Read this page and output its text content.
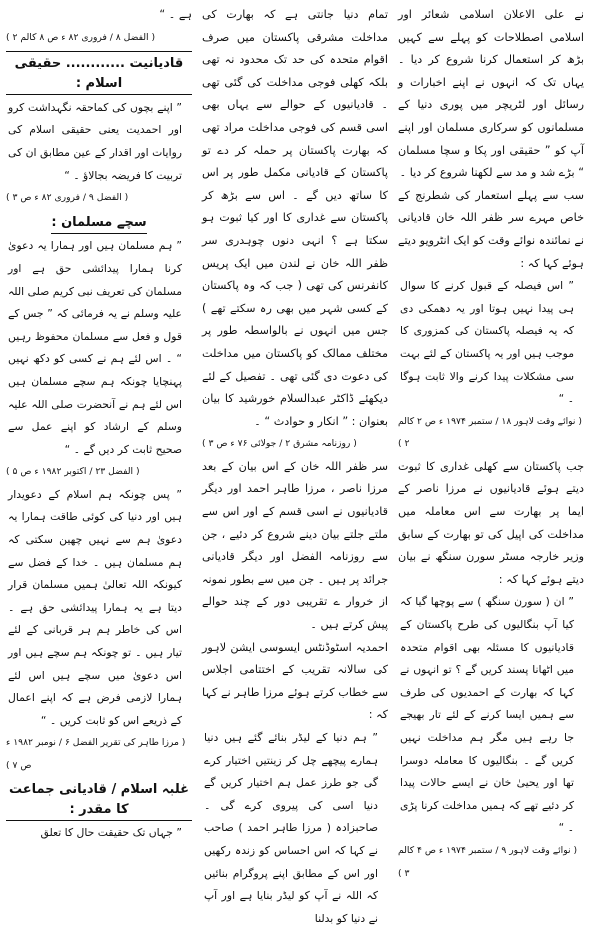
نے علی الاعلان اسلامی شعائر اور اسلامی اصطلاحات کو پہلے سے کہیں بڑھ کر استعمال کرنا شروع کر دیا ۔ یہاں تک کہ انہوں نے اپنے اخبارات و رسائل اور لٹریچر میں پوری دنیا کے مسلمانوں کو سرکاری مسلمان اور اپنے آپ کو ” حقیقی اور پکا و سچا مسلمان “ بڑے شد و مد سے لکھنا شروع کر دیا ۔

سب سے پہلے استعمار کی شطرنج کے خاص مہرے سر ظفر اللہ خان قادیانی نے نمائندہ نوائے وقت کو ایک انٹرویو دیتے ہوئے کہا کہ :

” اس فیصلہ کے قبول کرنے کا سوال ہی پیدا نہیں ہوتا اور یہ دھمکی دی کہ یہ فیصلہ پاکستان کی کمزوری کا موجب ہیں اور یہ پاکستان کے لئے بہت سی مشکلات پیدا کرنے والا ثابت ہوگا ۔ “

( نوائے وقت لاہور ۱۸ / ستمبر ۱۹۷۴ ء ص ۲ کالم ۲ )

جب پاکستان سے کھلی غداری کا ثبوت دیتے ہوئے قادیانیوں نے مرزا ناصر کے ایما پر بھارت سے اس معاملہ میں مداخلت کی اپیل کی تو بھارت کے سابق وزیر خارجہ مسٹر سورن سنگھ نے بیان دیتے ہوئے کہا کہ :

” ان ( سورن سنگھ ) سے پوچھا گیا کہ کیا آپ بنگالیوں کی طرح پاکستان کے قادیانیوں کا مسئلہ بھی اقوام متحدہ میں اٹھانا پسند کریں گے ؟ تو انہوں نے کہا کہ بھارت کے احمدیوں کی طرف سے ہمیں ایسا کرنے کے لئے تار بھیجے جا رہے ہیں مگر ہم مداخلت نہیں کریں گے ۔ بنگالیوں کا معاملہ دوسرا تھا اور یحییٰ خان نے ایسے حالات پیدا کر دئیے تھے کہ ہمیں مداخلت کرنا پڑی ۔ “

( نوائے وقت لاہور ۹ / ستمبر ۱۹۷۴ ء ص ۴ کالم ۳ )

تمام دنیا جانتی ہے کہ بھارت کی مداخلت مشرقی پاکستان میں صرف اقوام متحدہ کی حد تک محدود نہ تھی بلکہ کھلی فوجی مداخلت کی گئی تھی ۔ قادیانیوں کے حوالے سے یہاں بھی اسی قسم کی فوجی مداخلت مراد تھی کہ بھارت پاکستان پر حملہ کر دے تو پاکستان کے قادیانی مکمل طور پر اس کا ساتھ دیں گے ۔ اس سے بڑھ کر پاکستان سے غداری کا اور کیا ثبوت ہو سکتا ہے ؟ انہی دنوں چوہدری سر ظفر اللہ خان نے لندن میں ایک پریس کانفرنس کی تھی ( جب کہ وہ پاکستان کے کسی شہر میں بھی رہ سکتے تھے ) جس میں انہوں نے بالواسطہ طور پر مختلف ممالک کو پاکستان میں مداخلت کی دعوت دی گئی تھی ۔ تفصیل کے لئے دیکھئے ڈاکٹر عبدالسلام خورشید کا بیان بعنوان : ” انکار و حوادث “ ۔

( روزنامہ مشرق ۲ / جولائی ۷۶ ء ص ۳ )

سر ظفر اللہ خان کے اس بیان کے بعد مرزا ناصر ، مرزا طاہر احمد اور دیگر قادیانیوں نے اسی قسم کے اور اس سے ملتے جلتے بیان دینے شروع کر دئیے ، جن سے روزنامہ الفضل اور دیگر قادیانی جرائد پر ہیں ۔ جن میں سے بطور نمونہ از خروار ے تقریبی دور کے چند حوالے پیش کرتے ہیں ۔

احمدیہ اسٹوڈنٹس ایسوسی ایشن لاہور کی سالانہ تقریب کے اختتامی اجلاس سے خطاب کرتے ہوئے مرزا طاہر نے کہا کہ :

” ہم دنیا کے لیڈر بنائے گئے ہیں دنیا ہمارے پیچھے چل کر زینتیں اختیار کرے گی جو طرز عمل ہم اختیار کریں گے دنیا اسی کی پیروی کرے گی ۔ صاحبزادہ ( مرزا طاہر احمد ) صاحب نے کہا کہ اس احساس کو زندہ رکھیں اور اس کے مطابق اپنے پروگرام بنائیں کہ اللہ نے آپ کو لیڈر بنایا ہے اور آپ نے دنیا کو بدلنا

ہے ۔ “

( الفضل ۸ / فروری ۸۲ ء ص ۸ کالم ۲ )

قادیانیت ............ حقیقی اسلام :

” اپنے بچوں کی کماحقہ نگہداشت کرو اور احمدیت یعنی حقیقی اسلام کی روایات اور اقدار کے عین مطابق ان کی تربیت کا فریضہ بجالاؤ ۔ “

( الفضل ۹ / فروری ۸۲ ء ص ۳ )

سچے مسلمان :

” ہم مسلمان ہیں اور ہمارا یہ دعویٰ کرنا ہمارا پیدائشی حق ہے اور مسلمان کی تعریف نبی کریم صلی اللہ علیہ وسلم نے یہ فرمائی کہ ” جس کے قول و فعل سے مسلمان محفوظ رہیں “ ۔ اس لئے ہم نے کسی کو دکھ نہیں پہنچایا چونکہ ہم سچے مسلمان ہیں اس لئے ہم نے آنحضرت صلی اللہ علیہ وسلم کے ارشاد کو اپنے عمل سے صحیح ثابت کر دیں گے ۔ “

( الفضل ۲۳ / اکتوبر ۱۹۸۲ ء ص ۵ )

” پس چونکہ ہم اسلام کے دعویدار ہیں اور دنیا کی کوئی طاقت ہمارا یہ دعویٰ ہم سے نہیں چھین سکتی کہ ہم مسلمان ہیں ۔ خدا کے فضل سے کیونکہ اللہ تعالیٰ ہمیں مسلمان قرار دیتا ہے یہ ہمارا پیدائشی حق ہے ۔ اس کی خاطر ہم ہر قربانی کے لئے تیار ہیں ۔ تو چونکہ ہم سچے ہیں اور اس دعویٰ میں سچے ہیں اس لئے ہمارا لازمی فرض ہے کہ اپنے اعمال کے ذریعے اس کو ثابت کریں ۔ “

( مرزا طاہر کی تقریر الفضل ۶ / نومبر ۱۹۸۲ ء ص ۷ )

غلبہ اسلام / قادیانی جماعت کا مقدر :

” جہاں تک حقیقت حال کا تعلق
